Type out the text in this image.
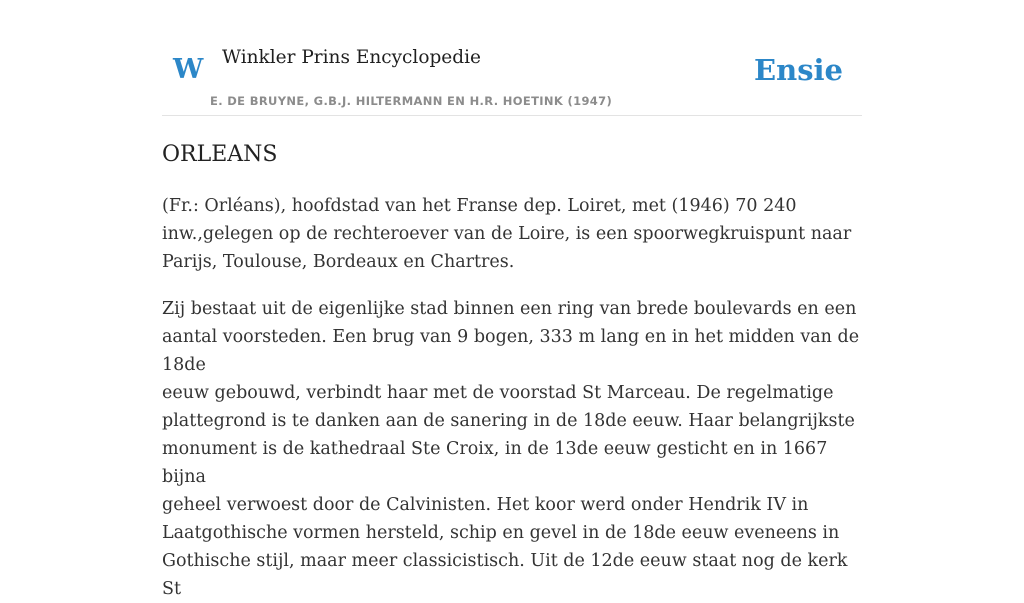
W Winkler Prins Encyclopedie
E. DE BRUYNE, G.B.J. HILTERMANN EN H.R. HOETINK (1947)
Ensie
ORLEANS

(Fr.: Orléans), hoofdstad van het Franse dep. Loiret, met (1946) 70 240
inw.,gelegen op de rechteroever van de Loire, is een spoorwegkruispunt naar
Parijs, Toulouse, Bordeaux en Chartres.

Zij bestaat uit de eigenlijke stad binnen een ring van brede boulevards en een
aantal voorsteden. Een brug van 9 bogen, 333 m lang en in het midden van de 18de
eeuw gebouwd, verbindt haar met de voorstad St Marceau. De regelmatige
plattegrond is te danken aan de sanering in de 18de eeuw. Haar belangrijkste
monument is de kathedraal Ste Croix, in de 13de eeuw gesticht en in 1667 bijna
geheel verwoest door de Calvinisten. Het koor werd onder Hendrik IV in
Laatgothische vormen hersteld, schip en gevel in de 18de eeuw eveneens in
Gothische stijl, maar meer classicistisch. Uit de 12de eeuw staat nog de kerk St
